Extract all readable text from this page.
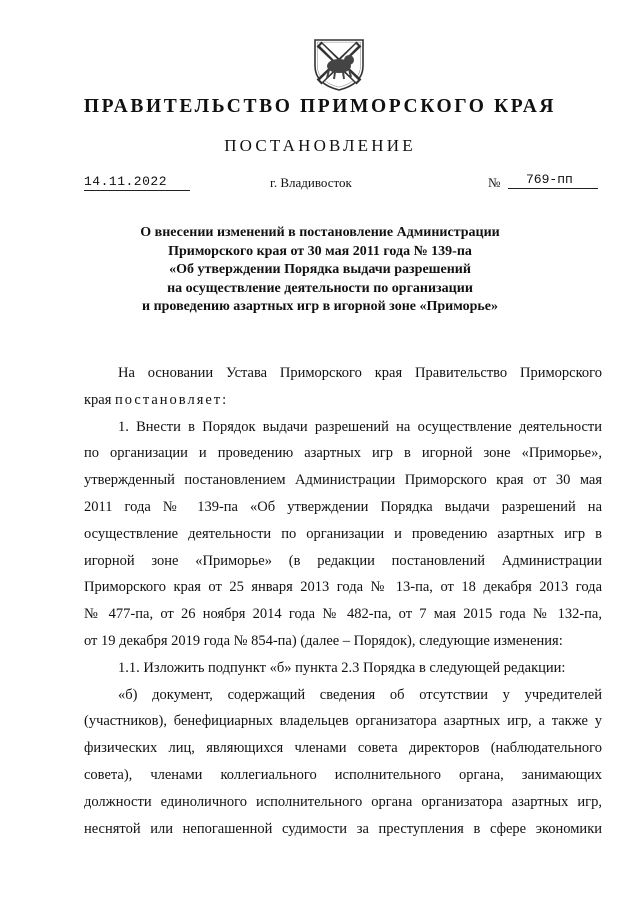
ПРАВИТЕЛЬСТВО ПРИМОРСКОГО КРАЯ
ПОСТАНОВЛЕНИЕ
14.11.2022	г. Владивосток	№	769-пп
О внесении изменений в постановление Администрации
Приморского края от 30 мая 2011 года № 139-па
«Об утверждении Порядка выдачи разрешений
на осуществление деятельности по организации
и проведению азартных игр в игорной зоне «Приморье»
На основании Устава Приморского края Правительство Приморского
края постановляет:
1. Внести в Порядок выдачи разрешений на осуществление деятельности
по организации и проведению азартных игр в игорной зоне «Приморье»,
утвержденный постановлением Администрации Приморского края от 30 мая
2011 года № 139-па «Об утверждении Порядка выдачи разрешений на
осуществление деятельности по организации и проведению азартных игр в
игорной зоне «Приморье» (в редакции постановлений Администрации
Приморского края от 25 января 2013 года № 13-па, от 18 декабря 2013 года
№ 477-па, от 26 ноября 2014 года № 482-па, от 7 мая 2015 года № 132-па,
от 19 декабря 2019 года № 854-па) (далее – Порядок), следующие изменения:
1.1. Изложить подпункт «б» пункта 2.3 Порядка в следующей редакции:
«б) документ, содержащий сведения об отсутствии у учредителей
(участников), бенефициарных владельцев организатора азартных игр, а также у
физических лиц, являющихся членами совета директоров (наблюдательного
совета), членами коллегиального исполнительного органа, занимающих
должности единоличного исполнительного органа организатора азартных игр,
неснятой или непогашенной судимости за преступления в сфере экономики
